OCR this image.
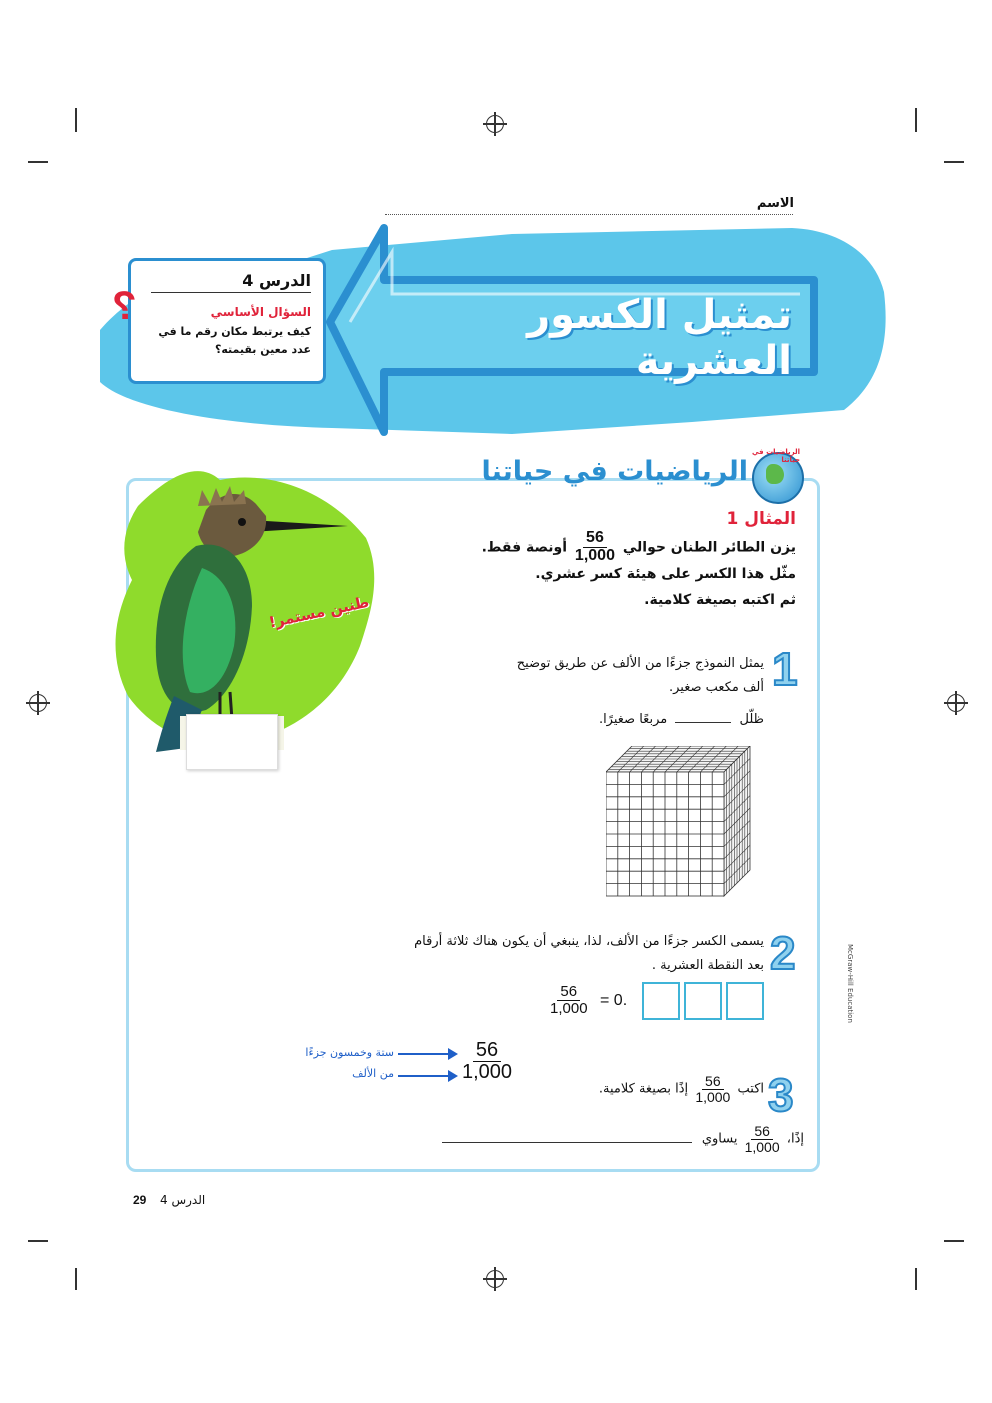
الاسم
تمثيل الكسور العشرية
الدرس 4
السؤال الأساسي
كيف يرتبط مكان رقم ما في
عدد معين بقيمته؟
?
طنين مستمر!
الرياضيات في حياتنا
الرياضيات في حياتنا
المثال 1
يزن الطائر الطنان حوالي
$\frac{56}{1,000}$
أونصة فقط.
مثّل هذا الكسر على هيئة كسر عشري.
ثم اكتبه بصيغة كلامية.
1
يمثل النموذج جزءًا من الألف عن طريق توضيح
ألف مكعب صغير.
ظلّل  مربعًا صغيرًا.
2
يسمى الكسر جزءًا من الألف، لذا، ينبغي أن يكون هناك ثلاثة أرقام
بعد النقطة العشرية .
$\frac{56}{1,000} = 0$.
ستة وخمسون جزءًا
من الألف	$\frac{56}{1,000}$
3
اكتب
$\frac{56}{1,000}$
إذًا بصيغة كلامية.
إذًا،
$\frac{56}{1,000}$
يساوي
McGraw-Hill Education
الدرس 4
29
